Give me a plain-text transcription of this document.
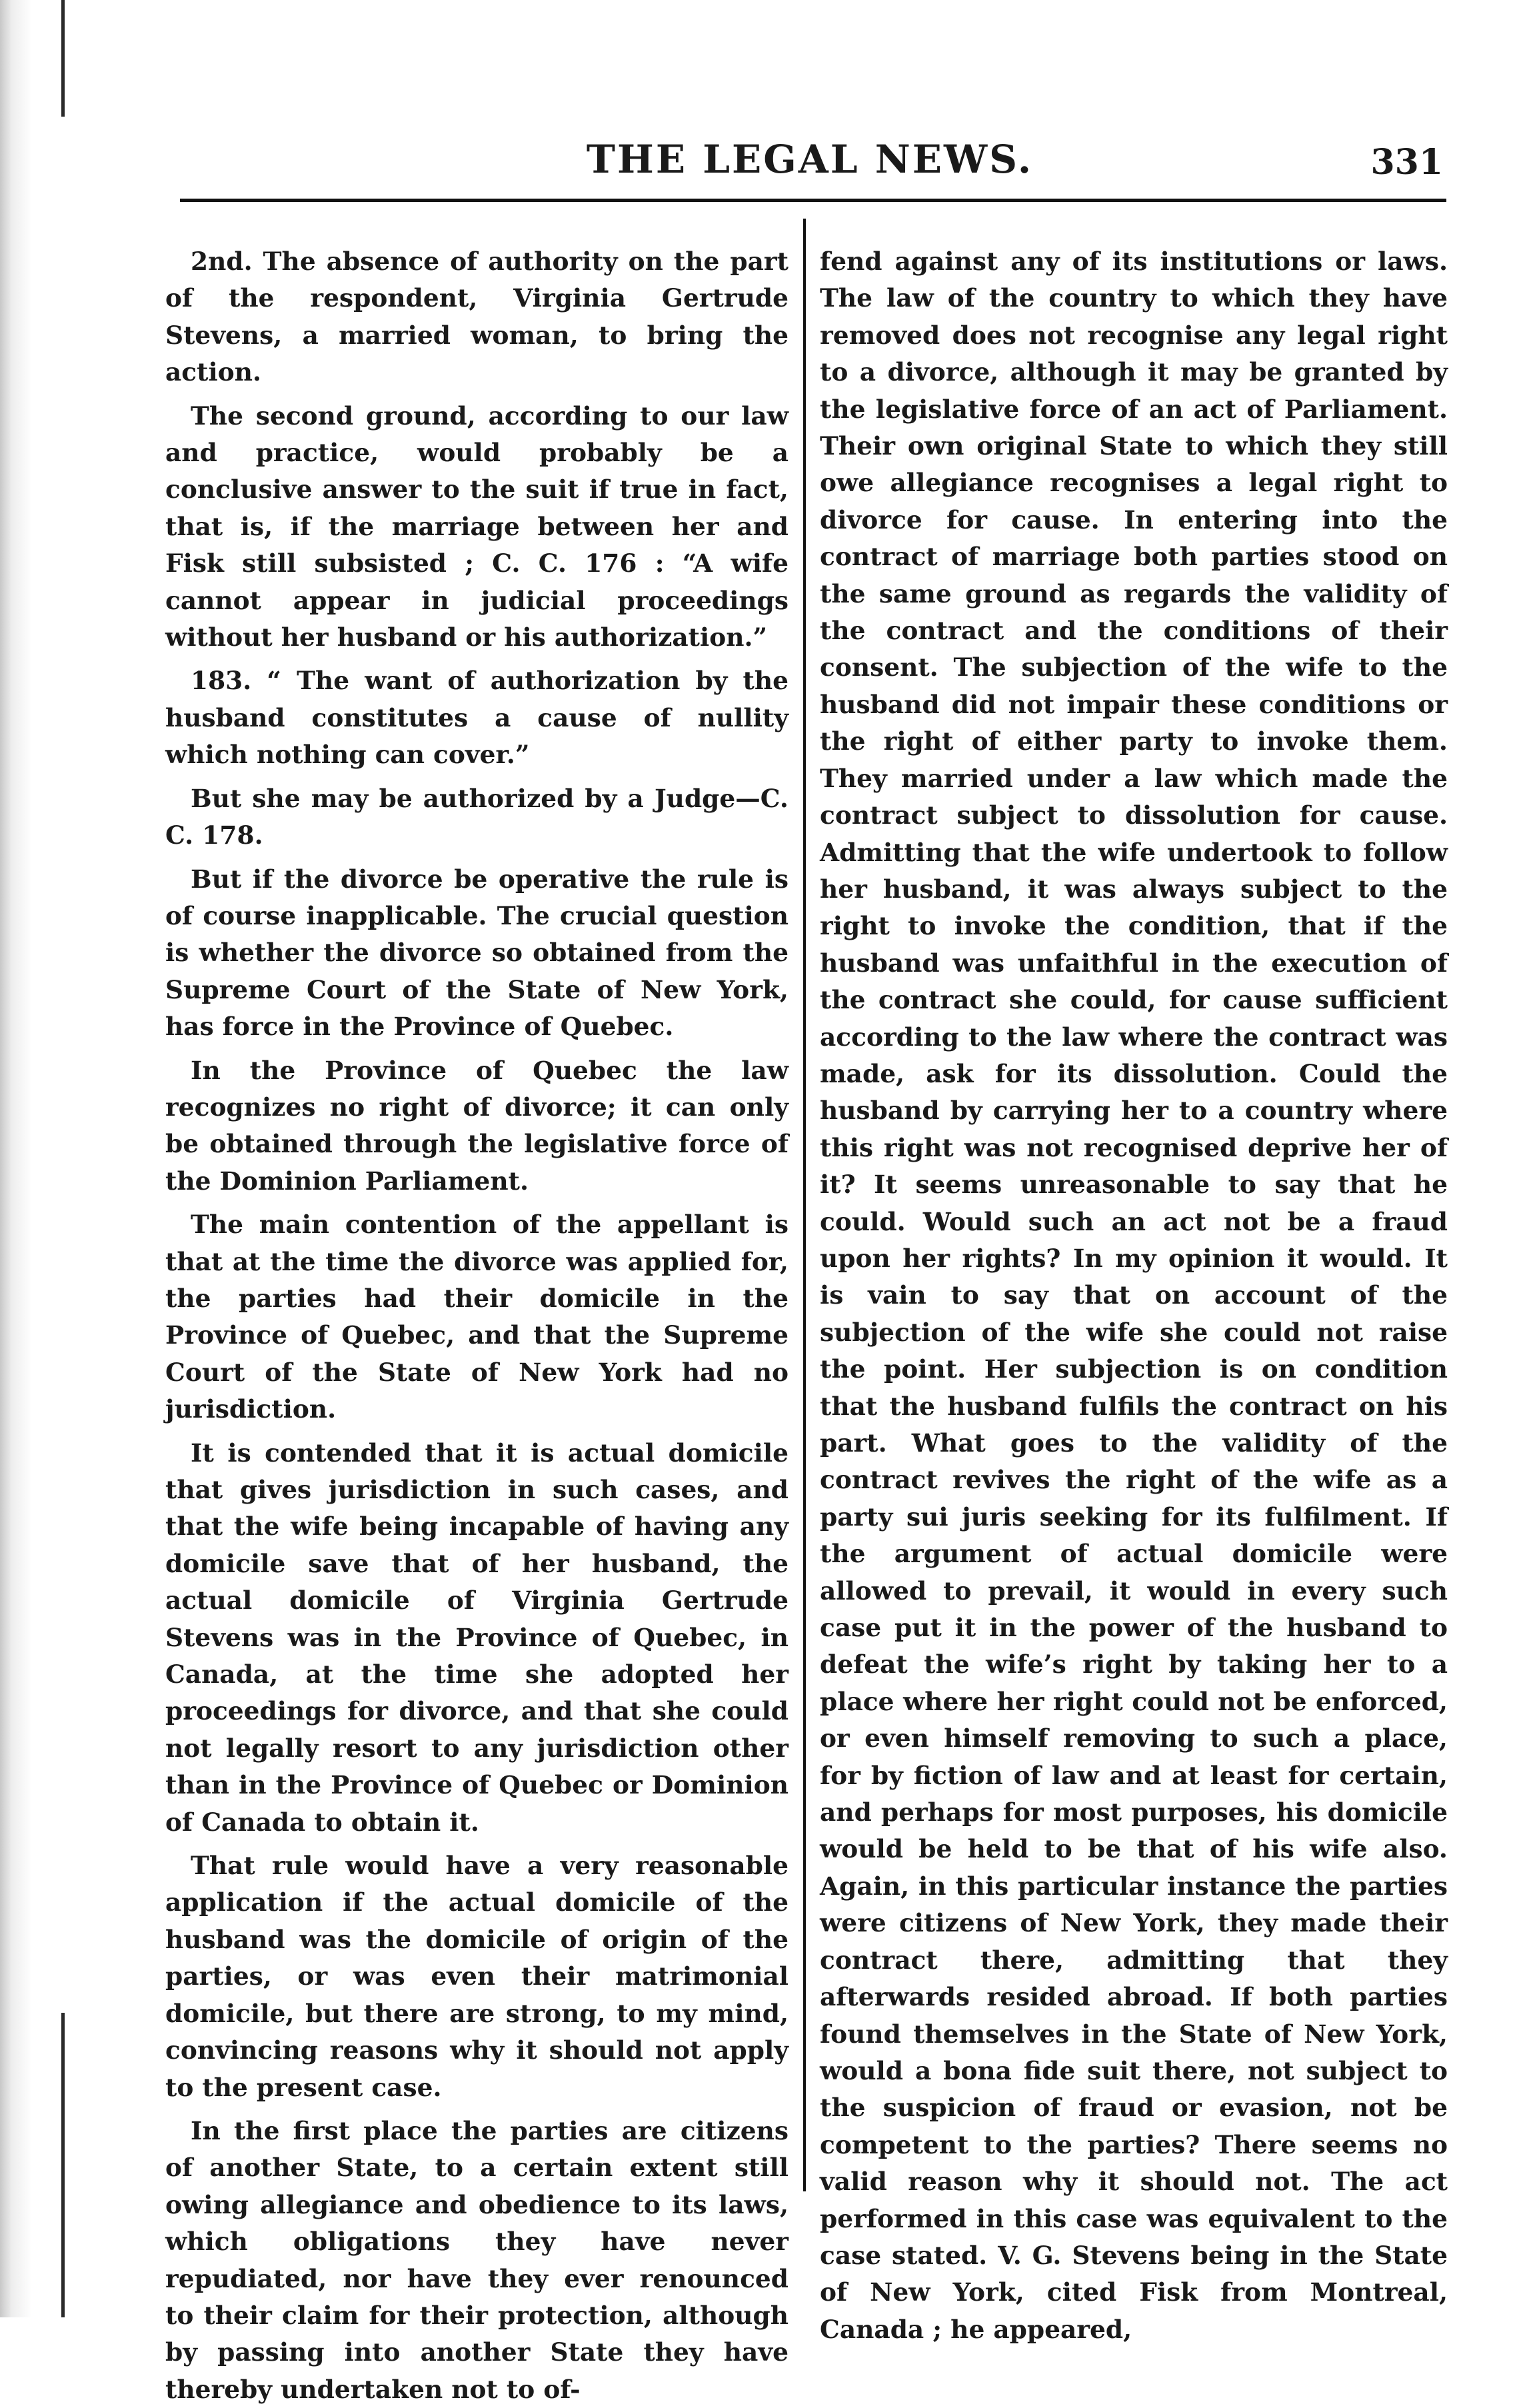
THE LEGAL NEWS.	331

2nd. The absence of authority on the part of the respondent, Virginia Gertrude Stevens, a married woman, to bring the action.

The second ground, according to our law and practice, would probably be a conclusive answer to the suit if true in fact, that is, if the marriage between her and Fisk still subsisted ; C. C. 176 : “A wife cannot appear in judicial proceedings without her husband or his authorization.”

183. “ The want of authorization by the husband constitutes a cause of nullity which nothing can cover.”

But she may be authorized by a Judge—C. C. 178.

But if the divorce be operative the rule is of course inapplicable. The crucial question is whether the divorce so obtained from the Supreme Court of the State of New York, has force in the Province of Quebec.

In the Province of Quebec the law recognizes no right of divorce; it can only be obtained through the legislative force of the Dominion Parliament.

The main contention of the appellant is that at the time the divorce was applied for, the parties had their domicile in the Province of Quebec, and that the Supreme Court of the State of New York had no jurisdiction.

It is contended that it is actual domicile that gives jurisdiction in such cases, and that the wife being incapable of having any domicile save that of her husband, the actual domicile of Virginia Gertrude Stevens was in the Province of Quebec, in Canada, at the time she adopted her proceedings for divorce, and that she could not legally resort to any jurisdiction other than in the Province of Quebec or Dominion of Canada to obtain it.

That rule would have a very reasonable application if the actual domicile of the husband was the domicile of origin of the parties, or was even their matrimonial domicile, but there are strong, to my mind, convincing reasons why it should not apply to the present case.

In the first place the parties are citizens of another State, to a certain extent still owing allegiance and obedience to its laws, which obligations they have never repudiated, nor have they ever renounced to their claim for their protection, although by passing into another State they have thereby undertaken not to of-

fend against any of its institutions or laws. The law of the country to which they have removed does not recognise any legal right to a divorce, although it may be granted by the legislative force of an act of Parliament. Their own original State to which they still owe allegiance recognises a legal right to divorce for cause. In entering into the contract of marriage both parties stood on the same ground as regards the validity of the contract and the conditions of their consent. The subjection of the wife to the husband did not impair these conditions or the right of either party to invoke them. They married under a law which made the contract subject to dissolution for cause. Admitting that the wife undertook to follow her husband, it was always subject to the right to invoke the condition, that if the husband was unfaithful in the execution of the contract she could, for cause sufficient according to the law where the contract was made, ask for its dissolution. Could the husband by carrying her to a country where this right was not recognised deprive her of it? It seems unreasonable to say that he could. Would such an act not be a fraud upon her rights? In my opinion it would. It is vain to say that on account of the subjection of the wife she could not raise the point. Her subjection is on condition that the husband fulfils the contract on his part. What goes to the validity of the contract revives the right of the wife as a party sui juris seeking for its fulfilment. If the argument of actual domicile were allowed to prevail, it would in every such case put it in the power of the husband to defeat the wife’s right by taking her to a place where her right could not be enforced, or even himself removing to such a place, for by fiction of law and at least for certain, and perhaps for most purposes, his domicile would be held to be that of his wife also. Again, in this particular instance the parties were citizens of New York, they made their contract there, admitting that they afterwards resided abroad. If both parties found themselves in the State of New York, would a bona fide suit there, not subject to the suspicion of fraud or evasion, not be competent to the parties? There seems no valid reason why it should not. The act performed in this case was equivalent to the case stated. V. G. Stevens being in the State of New York, cited Fisk from Montreal, Canada ; he appeared,
